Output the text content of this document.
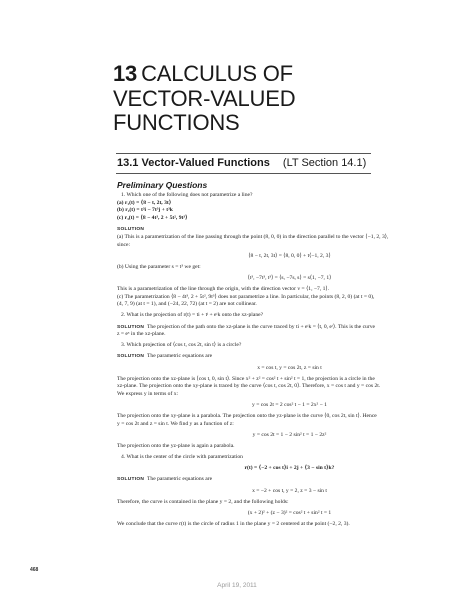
13 CALCULUS OF
VECTOR-VALUED
FUNCTIONS
13.1 Vector-Valued Functions (LT Section 14.1)
Preliminary Questions

1. Which one of the following does not parametrize a line?

(a) r₁(t) = ⟨8 − t, 2t, 3t⟩

(b) r₂(t) = t³i − 7t³j + t³k

(c) r₃(t) = ⟨8 − 4t³, 2 + 5t², 9t³⟩

SOLUTION

(a) This is a parametrization of the line passing through the point (8, 0, 0) in the direction parallel to the vector ⟨−1, 2, 3⟩,

since:

⟨8 − t, 2t, 3t⟩ = ⟨8, 0, 0⟩ + t⟨−1, 2, 3⟩

(b) Using the parameter s = t³ we get:

⟨t³, −7t³, t³⟩ = ⟨s, −7s, s⟩ = s⟨1, −7, 1⟩

This is a parametrization of the line through the origin, with the direction vector v = ⟨1, −7, 1⟩.

(c) The parametrization ⟨8 − 4t³, 2 + 5t², 9t³⟩ does not parametrize a line. In particular, the points (8, 2, 0) (at t = 0),

(4, 7, 9) (at t = 1), and (−24, 22, 72) (at t = 2) are not collinear.

2. What is the projection of r(t) = ti + tʲ + eᵗk onto the xz-plane?

SOLUTION The projection of the path onto the xz-plane is the curve traced by ti + eᵗk = ⟨t, 0, eᵗ⟩. This is the curve

z = eˣ in the xz-plane.

3. Which projection of ⟨cos t, cos 2t, sin t⟩ is a circle?

SOLUTION The parametric equations are

x = cos t, y = cos 2t, z = sin t

The projection onto the xz-plane is ⟨cos t, 0, sin t⟩. Since x² + z² = cos² t + sin² t = 1, the projection is a circle in the

xz-plane. The projection onto the xy-plane is traced by the curve ⟨cos t, cos 2t, 0⟩. Therefore, x = cos t and y = cos 2t.

We express y in terms of x:

y = cos 2t = 2 cos² t − 1 = 2x² − 1

The projection onto the xy-plane is a parabola. The projection onto the yz-plane is the curve ⟨0, cos 2t, sin t⟩. Hence

y = cos 2t and z = sin t. We find y as a function of z:

y = cos 2t = 1 − 2 sin² t = 1 − 2z²

The projection onto the yz-plane is again a parabola.

4. What is the center of the circle with parametrization

r(t) = ⟨−2 + cos t⟩i + 2j + ⟨3 − sin t⟩k?

SOLUTION The parametric equations are

x = −2 + cos t, y = 2, z = 3 − sin t

Therefore, the curve is contained in the plane y = 2, and the following holds:

(x + 2)² + (z − 3)² = cos² t + sin² t = 1

We conclude that the curve r(t) is the circle of radius 1 in the plane y = 2 centered at the point (−2, 2, 3).

468
April 19, 2011
